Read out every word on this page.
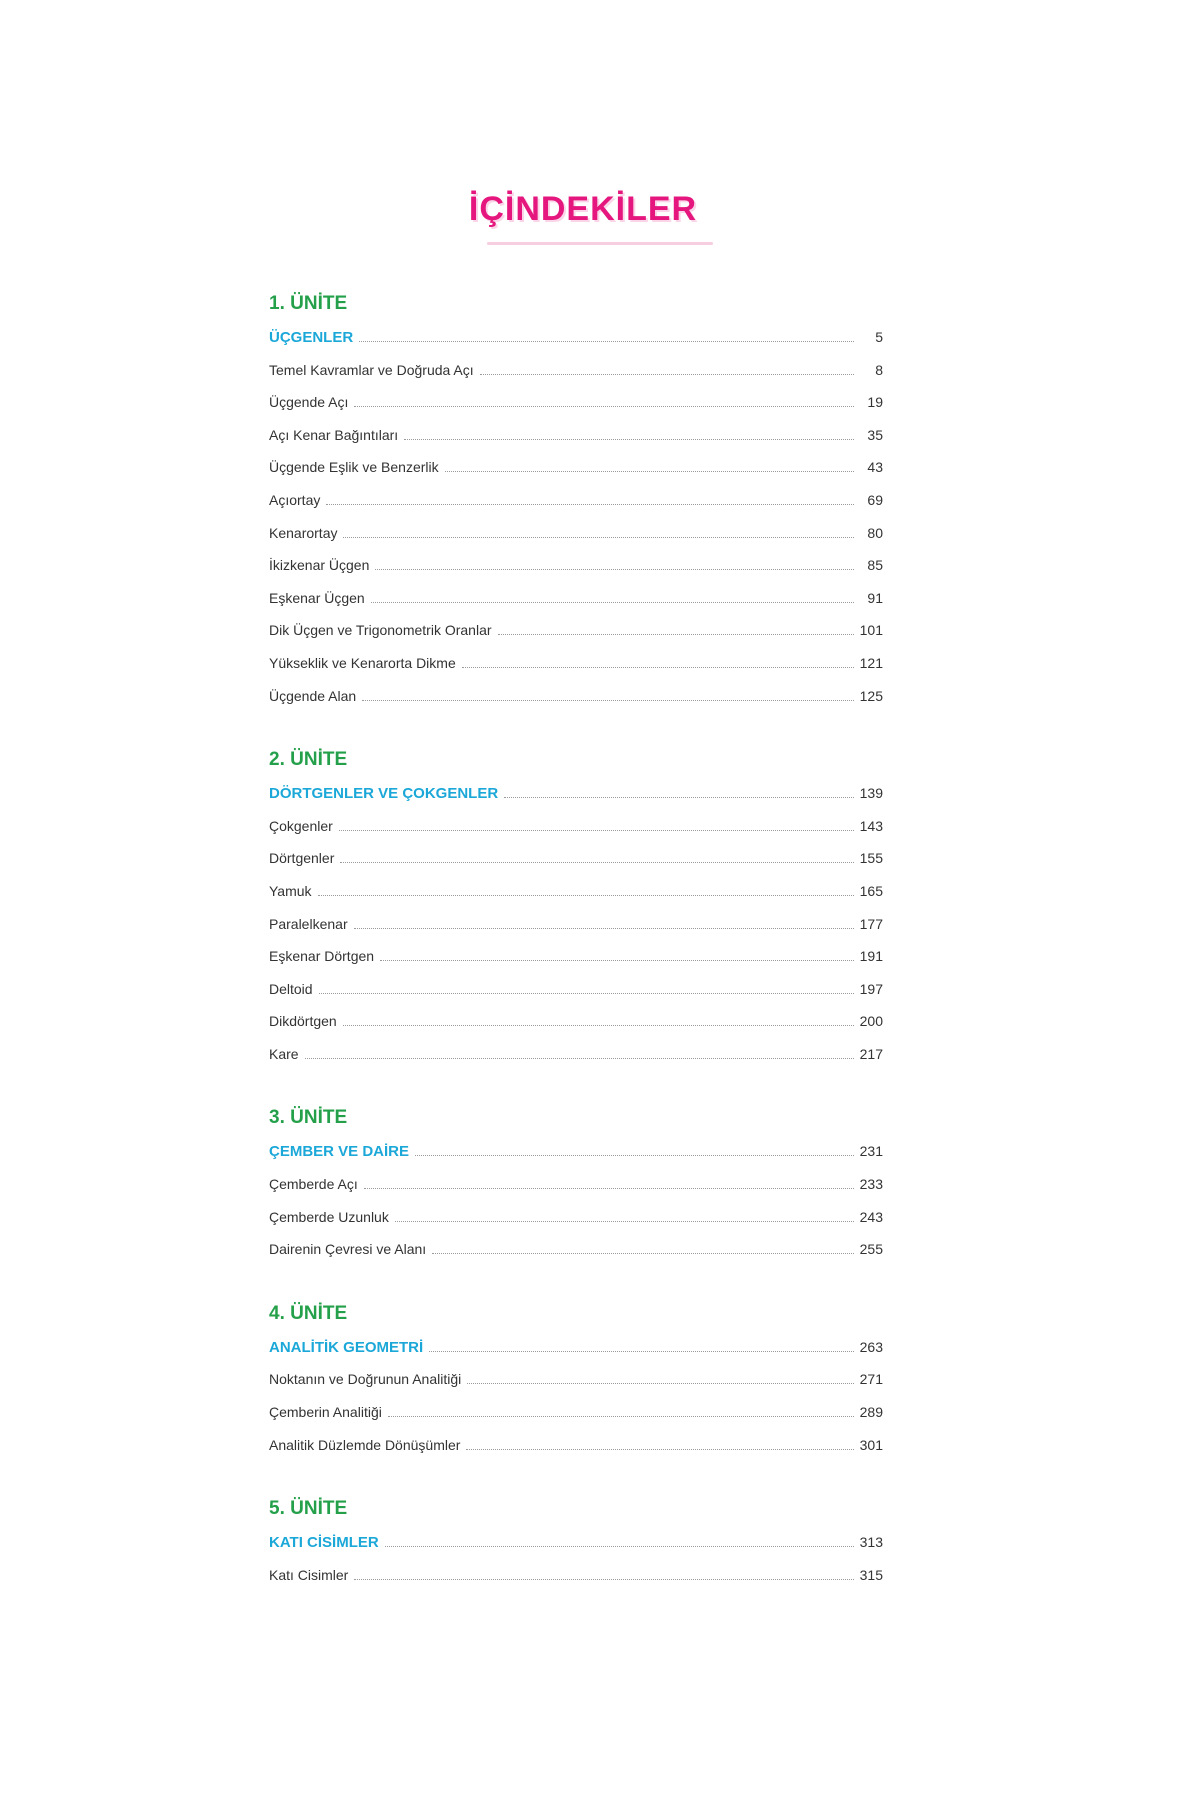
İÇİNDEKİLER
1. ÜNİTE
ÜÇGENLER	5
Temel Kavramlar ve Doğruda Açı	8
Üçgende Açı	19
Açı Kenar Bağıntıları	35
Üçgende Eşlik ve Benzerlik	43
Açıortay	69
Kenarortay	80
İkizkenar Üçgen	85
Eşkenar Üçgen	91
Dik Üçgen ve Trigonometrik Oranlar	101
Yükseklik ve Kenarorta Dikme	121
Üçgende Alan	125
2. ÜNİTE
DÖRTGENLER VE ÇOKGENLER	139
Çokgenler	143
Dörtgenler	155
Yamuk	165
Paralelkenar	177
Eşkenar Dörtgen	191
Deltoid	197
Dikdörtgen	200
Kare	217
3. ÜNİTE
ÇEMBER VE DAİRE	231
Çemberde Açı	233
Çemberde Uzunluk	243
Dairenin Çevresi ve Alanı	255
4. ÜNİTE
ANALİTİK GEOMETRİ	263
Noktanın ve Doğrunun Analitiği	271
Çemberin Analitiği	289
Analitik Düzlemde Dönüşümler	301
5. ÜNİTE
KATI CİSİMLER	313
Katı Cisimler	315
